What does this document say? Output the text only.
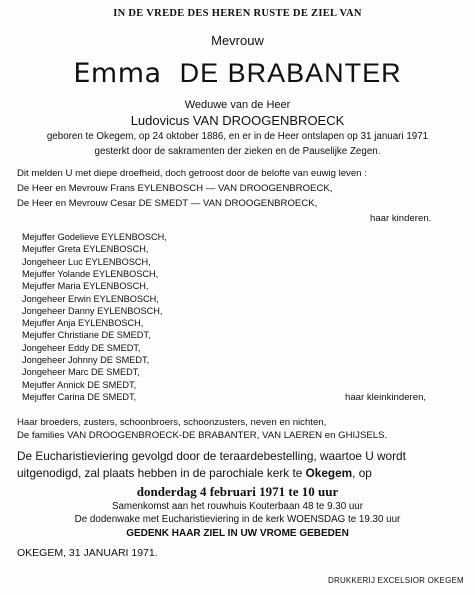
IN DE VREDE DES HEREN RUSTE DE ZIEL VAN
Mevrouw
Emma DE BRABANTER
Weduwe van de Heer
Ludovicus VAN DROOGENBROECK
geboren te Okegem, op 24 oktober 1886, en er in de Heer ontslapen op 31 januari 1971
gesterkt door de sakramenten der zieken en de Pauselijke Zegen.
Dit melden U met diepe droefheid, doch getroost door de belofte van euwig leven :
De Heer en Mevrouw Frans EYLENBOSCH — VAN DROOGENBROECK,
De Heer en Mevrouw Cesar DE SMEDT — VAN DROOGENBROECK,
haar kinderen.
Mejuffer Godelieve EYLENBOSCH,
Mejuffer Greta EYLENBOSCH,
Jongeheer Luc EYLENBOSCH,
Mejuffer Yolande EYLENBOSCH,
Mejuffer Maria EYLENBOSCH,
Jongeheer Erwin EYLENBOSCH,
Jongeheer Danny EYLENBOSCH,
Mejuffer Anja EYLENBOSCH,
Mejuffer Christiane DE SMEDT,
Jongeheer Eddy DE SMEDT,
Jongeheer Johnny DE SMEDT,
Jongeheer Marc DE SMEDT,
Mejuffer Annick DE SMEDT,
Mejuffer Carina DE SMEDT,	haar kleinkinderen,
Haar broeders, zusters, schoonbroers, schoonzusters, neven en nichten,
De families VAN DROOGENBROECK-DE BRABANTER, VAN LAEREN en GHIJSELS.
De Eucharistieviering gevolgd door de teraardebestelling, waartoe U wordt uitgenodigd, zal plaats hebben in de parochiale kerk te Okegem, op
donderdag 4 februari 1971 te 10 uur
Samenkomst aan het rouwhuis Kouterbaan 48 te 9.30 uur
De dodenwake met Eucharistieviering in de kerk WOENSDAG te 19.30 uur
GEDENK HAAR ZIEL IN UW VROME GEBEDEN
OKEGEM, 31 JANUARI 1971.
DRUKKERIJ EXCELSIOR OKEGEM
